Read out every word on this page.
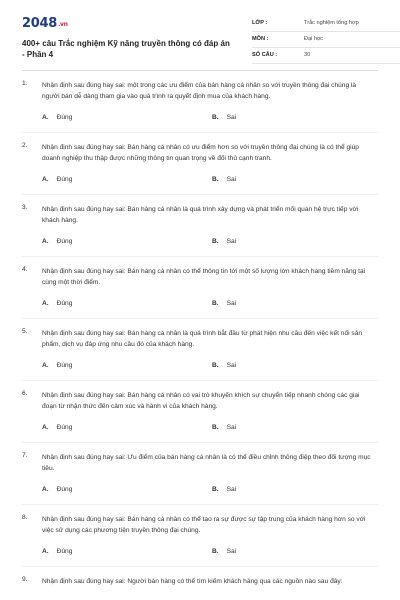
2048.vn
400+ câu Trắc nghiệm Kỹ năng truyền thông có đáp án - Phần 4
LỚP :	Trắc nghiệm tổng hợp
MÔN :	Đại học
SỐ CÂU :	30
1. Nhận định sau đúng hay sai: một trong các ưu điểm của bán hàng cá nhân so với truyền thông đại chúng là người bán dễ dàng tham gia vào quá trình ra quyết định mua của khách hàng.
A. Đúng	B. Sai
2. Nhận định sau đúng hay sai: Bán hàng cá nhân có ưu điểm hơn so với truyền thông đại chúng là có thể giúp doanh nghiệp thu thập được những thông tin quan trọng về đối thủ cạnh tranh.
A. Đúng	B. Sai
3. Nhận định sau đúng hay sai: Bán hàng cá nhân là quá trình xây dựng và phát triển mối quan hệ trực tiếp với khách hàng.
A. Đúng	B. Sai
4. Nhận định sau đúng hay sai: Bán hàng cá nhân có thể thông tin tới một số lượng lớn khách hàng tiềm năng tại cùng một thời điểm.
A. Đúng	B. Sai
5. Nhận định sau đúng hay sai: Bán hàng cá nhân là quá trình bắt đầu từ phát hiện nhu cầu đến việc kết nối sản phẩm, dịch vụ đáp ứng nhu cầu đó của khách hàng.
A. Đúng	B. Sai
6. Nhận định sau đúng hay sai: Bán hàng cá nhân có vai trò khuyến khích sự chuyển tiếp nhanh chóng các giai đoạn từ nhận thức đến cảm xúc và hành vi của khách hàng.
A. Đúng	B. Sai
7. Nhận định sau đúng hay sai: Ưu điểm của bán hàng cá nhân là có thể điều chỉnh thông điệp theo đối tượng mục tiêu.
A. Đúng	B. Sai
8. Nhận định sau đúng hay sai: Bán hàng cá nhân có thể tạo ra sự được sự tập trung của khách hàng hơn so với việc sử dụng các phương tiện truyền thông đại chúng.
A. Đúng	B. Sai
9. Nhận định sau đúng hay sai: Người bán hàng có thể tìm kiếm khách hàng qua các nguồn nào sau đây:
